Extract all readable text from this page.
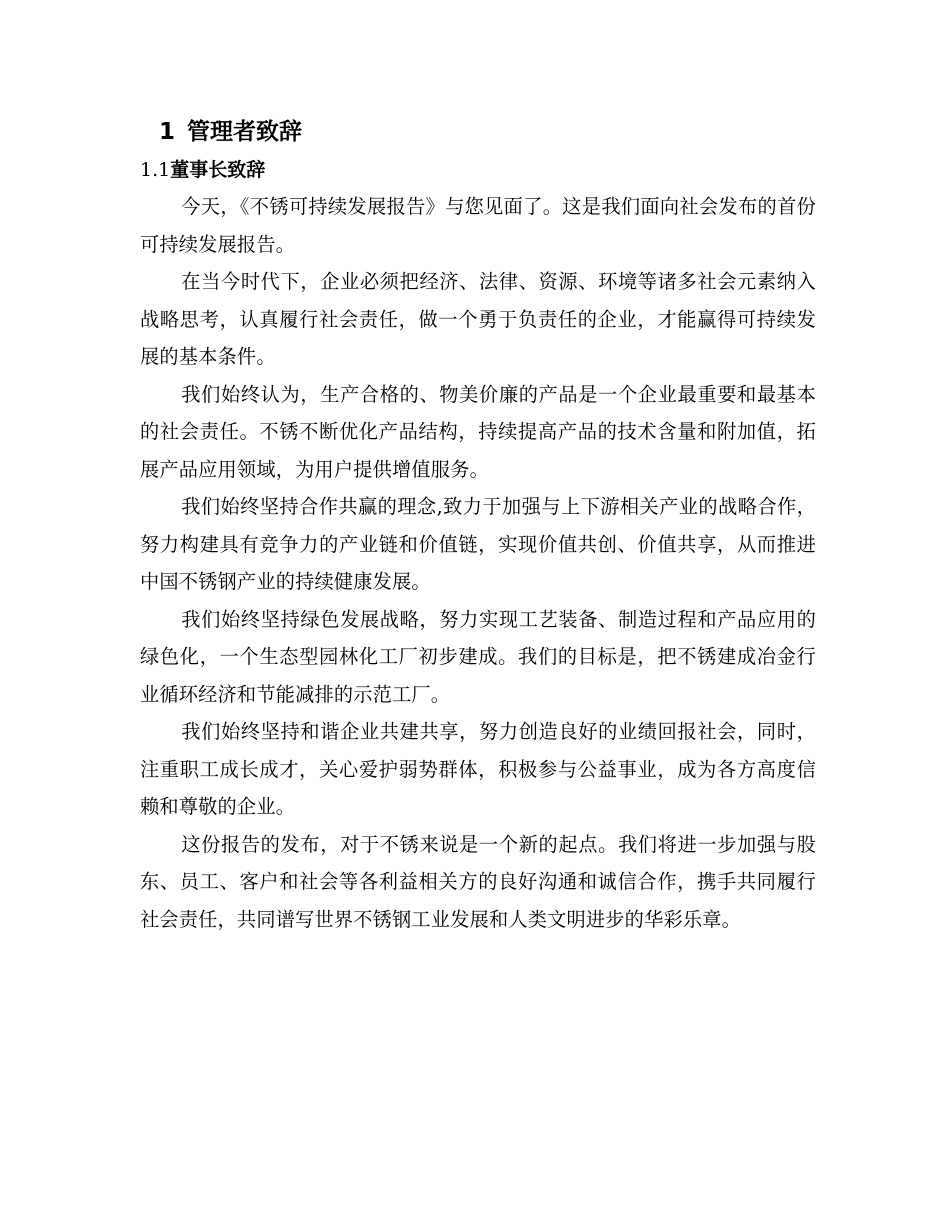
1 管理者致辞
1.1董事长致辞

今天，《不锈可持续发展报告》与您见面了。这是我们面向社会发布的首份可持续发展报告。

在当今时代下，企业必须把经济、法律、资源、环境等诸多社会元素纳入战略思考，认真履行社会责任，做一个勇于负责任的企业，才能赢得可持续发展的基本条件。

我们始终认为，生产合格的、物美价廉的产品是一个企业最重要和最基本的社会责任。不锈不断优化产品结构，持续提高产品的技术含量和附加值，拓展产品应用领域，为用户提供增值服务。

我们始终坚持合作共赢的理念,致力于加强与上下游相关产业的战略合作，努力构建具有竞争力的产业链和价值链，实现价值共创、价值共享，从而推进中国不锈钢产业的持续健康发展。

我们始终坚持绿色发展战略，努力实现工艺装备、制造过程和产品应用的绿色化，一个生态型园林化工厂初步建成。我们的目标是，把不锈建成冶金行业循环经济和节能减排的示范工厂。

我们始终坚持和谐企业共建共享，努力创造良好的业绩回报社会，同时，注重职工成长成才，关心爱护弱势群体，积极参与公益事业，成为各方高度信赖和尊敬的企业。

这份报告的发布，对于不锈来说是一个新的起点。我们将进一步加强与股东、员工、客户和社会等各利益相关方的良好沟通和诚信合作，携手共同履行社会责任，共同谱写世界不锈钢工业发展和人类文明进步的华彩乐章。
